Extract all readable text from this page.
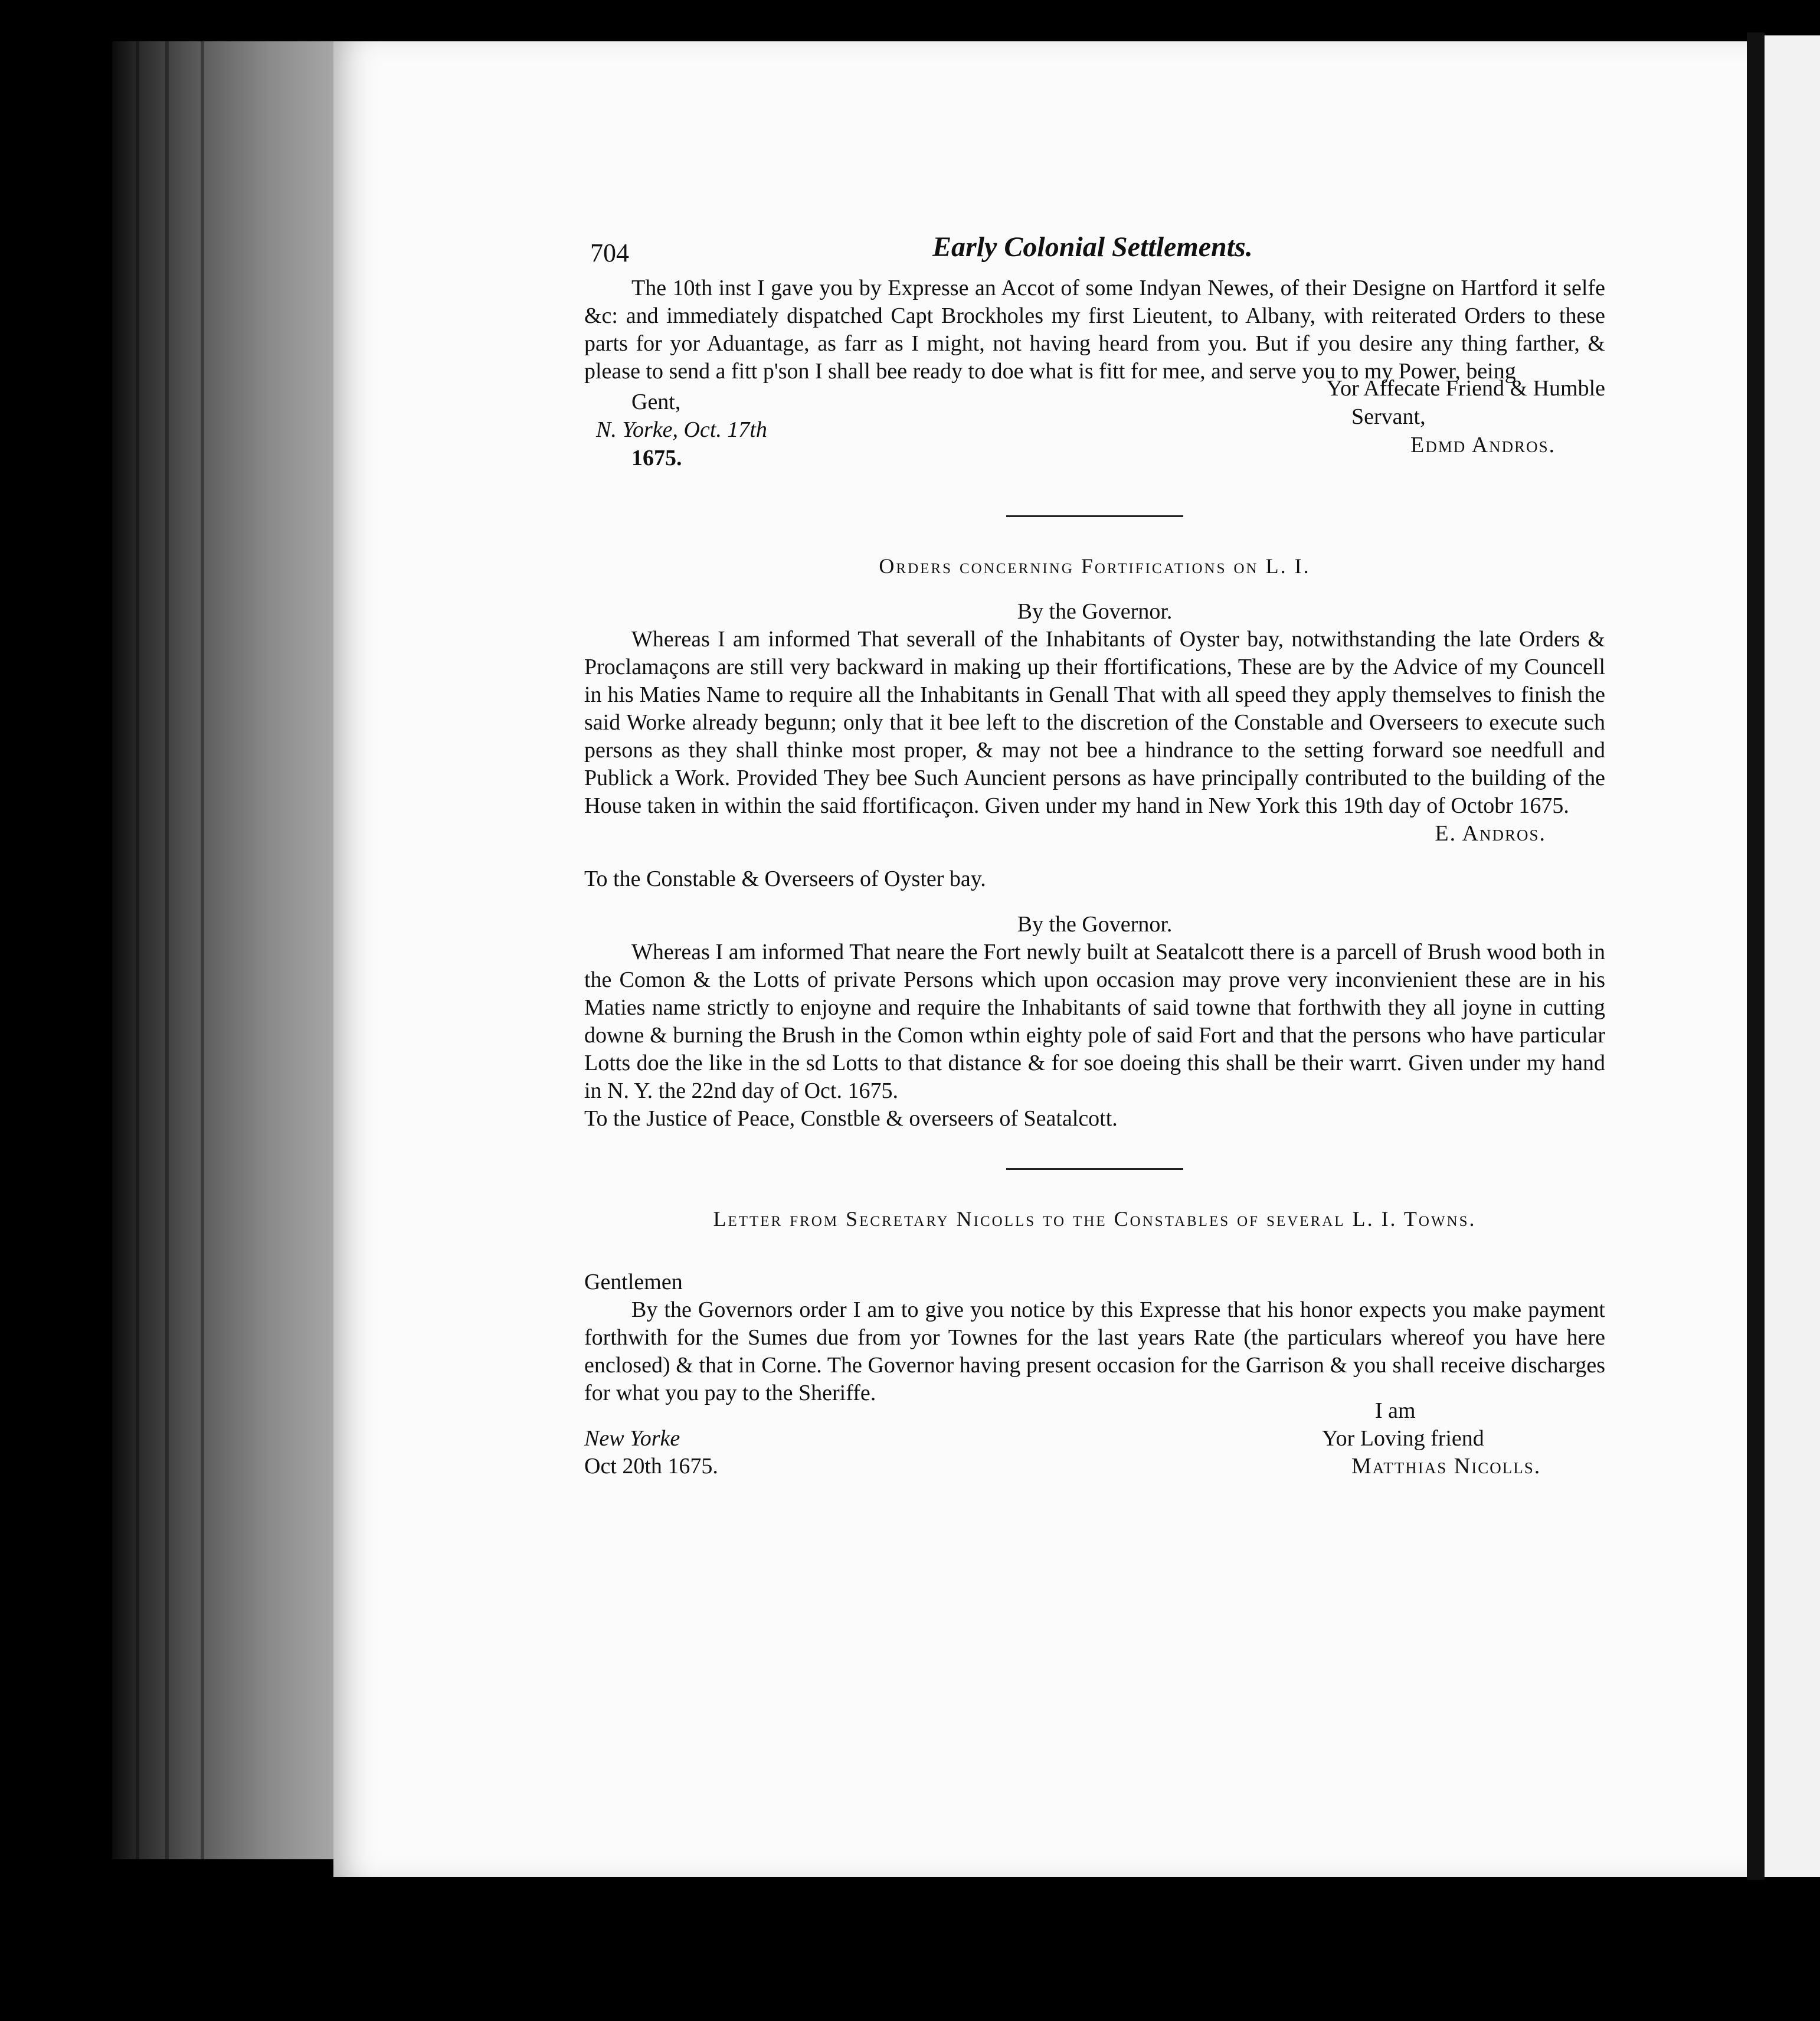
704	Early Colonial Settlements.

The 10th inst I gave you by Expresse an Accot of some Indyan Newes, of their Designe on Hartford it selfe &c: and immediately dispatched Capt Brockholes my first Lieutent, to Albany, with reiterated Orders to these parts for yor Aduantage, as farr as I might, not having heard from you. But if you desire any thing farther, & please to send a fitt p'son I shall bee ready to doe what is fitt for mee, and serve you to my Power, being

Gent,
N. Yorke, Oct. 17th
1675.
Yor Affecate Friend & Humble
Servant,
Edmd Andros.
Orders concerning Fortifications on L. I.
By the Governor.

Whereas I am informed That severall of the Inhabitants of Oyster bay, notwithstanding the late Orders & Proclamaçons are still very backward in making up their ffortifications, These are by the Advice of my Councell in his Maties Name to require all the Inhabitants in Genall That with all speed they apply themselves to finish the said Worke already begunn; only that it bee left to the discretion of the Constable and Overseers to execute such persons as they shall thinke most proper, & may not bee a hindrance to the setting forward soe needfull and Publick a Work. Provided They bee Such Auncient persons as have principally contributed to the building of the House taken in within the said ffortificaçon. Given under my hand in New York this 19th day of Octobr 1675.

E. Andros.
To the Constable & Overseers of Oyster bay.
By the Governor.

Whereas I am informed That neare the Fort newly built at Seatalcott there is a parcell of Brush wood both in the Comon & the Lotts of private Persons which upon occasion may prove very inconvienient these are in his Maties name strictly to enjoyne and require the Inhabitants of said towne that forthwith they all joyne in cutting downe & burning the Brush in the Comon wthin eighty pole of said Fort and that the persons who have particular Lotts doe the like in the sd Lotts to that distance & for soe doeing this shall be their warrt. Given under my hand in N. Y. the 22nd day of Oct. 1675.

To the Justice of Peace, Constble & overseers of Seatalcott.
Letter from Secretary Nicolls to the Constables of several L. I. Towns.
Gentlemen

By the Governors order I am to give you notice by this Expresse that his honor expects you make payment forthwith for the Sumes due from yor Townes for the last years Rate (the particulars whereof you have here enclosed) & that in Corne. The Governor having present occasion for the Garrison & you shall receive discharges for what you pay to the Sheriffe.

New Yorke
Oct 20th 1675.
I am
Yor Loving friend
Matthias Nicolls.
